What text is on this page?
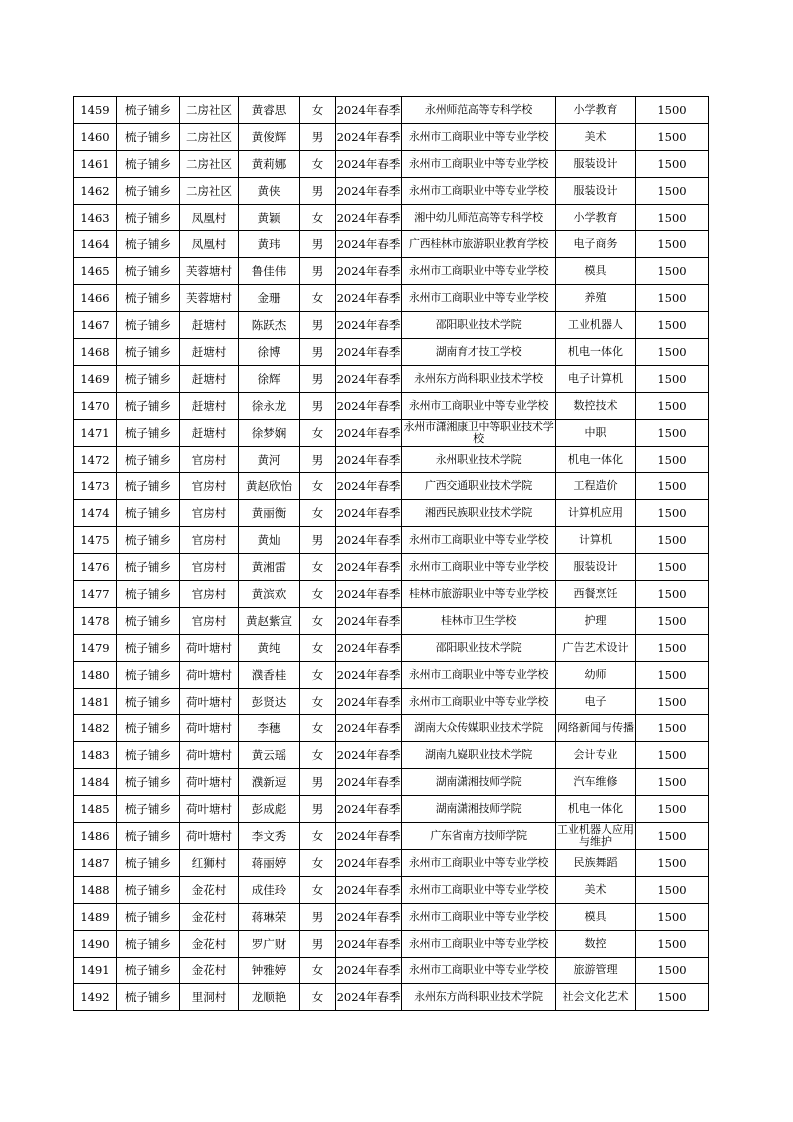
1459	梳子铺乡	二房社区	黄睿思	女	2024年春季	永州师范高等专科学校	小学教育	1500
1460	梳子铺乡	二房社区	黄俊辉	男	2024年春季	永州市工商职业中等专业学校	美术	1500
1461	梳子铺乡	二房社区	黄莉娜	女	2024年春季	永州市工商职业中等专业学校	服装设计	1500
1462	梳子铺乡	二房社区	黄侠	男	2024年春季	永州市工商职业中等专业学校	服装设计	1500
1463	梳子铺乡	凤凰村	黄颖	女	2024年春季	湘中幼儿师范高等专科学校	小学教育	1500
1464	梳子铺乡	凤凰村	黄玮	男	2024年春季	广西桂林市旅游职业教育学校	电子商务	1500
1465	梳子铺乡	芙蓉塘村	鲁佳伟	男	2024年春季	永州市工商职业中等专业学校	模具	1500
1466	梳子铺乡	芙蓉塘村	金珊	女	2024年春季	永州市工商职业中等专业学校	养殖	1500
1467	梳子铺乡	赶塘村	陈跃杰	男	2024年春季	邵阳职业技术学院	工业机器人	1500
1468	梳子铺乡	赶塘村	徐博	男	2024年春季	湖南育才技工学校	机电一体化	1500
1469	梳子铺乡	赶塘村	徐辉	男	2024年春季	永州东方尚科职业技术学校	电子计算机	1500
1470	梳子铺乡	赶塘村	徐永龙	男	2024年春季	永州市工商职业中等专业学校	数控技术	1500
1471	梳子铺乡	赶塘村	徐梦娴	女	2024年春季	永州市潇湘康卫中等职业技术学校	中职	1500
1472	梳子铺乡	官房村	黄河	男	2024年春季	永州职业技术学院	机电一体化	1500
1473	梳子铺乡	官房村	黄赵欣怡	女	2024年春季	广西交通职业技术学院	工程造价	1500
1474	梳子铺乡	官房村	黄丽衡	女	2024年春季	湘西民族职业技术学院	计算机应用	1500
1475	梳子铺乡	官房村	黄灿	男	2024年春季	永州市工商职业中等专业学校	计算机	1500
1476	梳子铺乡	官房村	黄湘雷	女	2024年春季	永州市工商职业中等专业学校	服装设计	1500
1477	梳子铺乡	官房村	黄滨欢	女	2024年春季	桂林市旅游职业中等专业学校	西餐烹饪	1500
1478	梳子铺乡	官房村	黄赵紫宣	女	2024年春季	桂林市卫生学校	护理	1500
1479	梳子铺乡	荷叶塘村	黄纯	女	2024年春季	邵阳职业技术学院	广告艺术设计	1500
1480	梳子铺乡	荷叶塘村	濮香桂	女	2024年春季	永州市工商职业中等专业学校	幼师	1500
1481	梳子铺乡	荷叶塘村	彭贤达	女	2024年春季	永州市工商职业中等专业学校	电子	1500
1482	梳子铺乡	荷叶塘村	李穗	女	2024年春季	湖南大众传媒职业技术学院	网络新闻与传播	1500
1483	梳子铺乡	荷叶塘村	黄云瑶	女	2024年春季	湖南九嶷职业技术学院	会计专业	1500
1484	梳子铺乡	荷叶塘村	濮新逗	男	2024年春季	湖南潇湘技师学院	汽车维修	1500
1485	梳子铺乡	荷叶塘村	彭成彪	男	2024年春季	湖南潇湘技师学院	机电一体化	1500
1486	梳子铺乡	荷叶塘村	李文秀	女	2024年春季	广东省南方技师学院	工业机器人应用与维护	1500
1487	梳子铺乡	红狮村	蒋丽婷	女	2024年春季	永州市工商职业中等专业学校	民族舞蹈	1500
1488	梳子铺乡	金花村	成佳玲	女	2024年春季	永州市工商职业中等专业学校	美术	1500
1489	梳子铺乡	金花村	蒋琳荣	男	2024年春季	永州市工商职业中等专业学校	模具	1500
1490	梳子铺乡	金花村	罗广财	男	2024年春季	永州市工商职业中等专业学校	数控	1500
1491	梳子铺乡	金花村	钟雅婷	女	2024年春季	永州市工商职业中等专业学校	旅游管理	1500
1492	梳子铺乡	里洞村	龙顺艳	女	2024年春季	永州东方尚科职业技术学院	社会文化艺术	1500
